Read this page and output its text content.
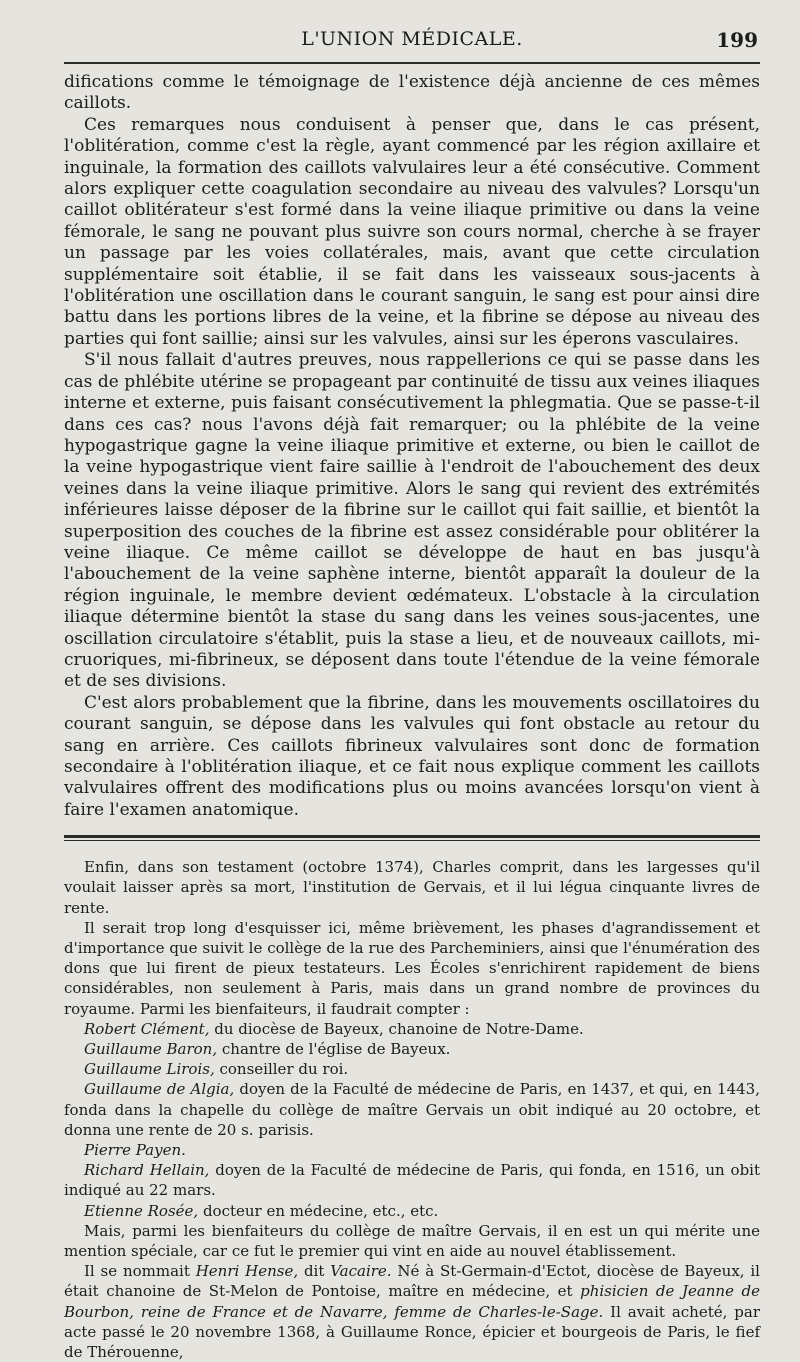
L'UNION MÉDICALE.	199

difications comme le témoignage de l'existence déjà ancienne de ces mêmes caillots.

Ces remarques nous conduisent à penser que, dans le cas présent, l'oblitération, comme c'est la règle, ayant commencé par les région axillaire et inguinale, la formation des caillots valvulaires leur a été consécutive. Comment alors expliquer cette coagulation secondaire au niveau des valvules? Lorsqu'un caillot oblitérateur s'est formé dans la veine iliaque primitive ou dans la veine fémorale, le sang ne pouvant plus suivre son cours normal, cherche à se frayer un passage par les voies collatérales, mais, avant que cette circulation supplémentaire soit établie, il se fait dans les vaisseaux sous-jacents à l'oblitération une oscillation dans le courant sanguin, le sang est pour ainsi dire battu dans les portions libres de la veine, et la fibrine se dépose au niveau des parties qui font saillie; ainsi sur les valvules, ainsi sur les éperons vasculaires.

S'il nous fallait d'autres preuves, nous rappellerions ce qui se passe dans les cas de phlébite utérine se propageant par continuité de tissu aux veines iliaques interne et externe, puis faisant consécutivement la phlegmatia. Que se passe-t-il dans ces cas? nous l'avons déjà fait remarquer; ou la phlébite de la veine hypogastrique gagne la veine iliaque primitive et externe, ou bien le caillot de la veine hypogastrique vient faire saillie à l'endroit de l'abouchement des deux veines dans la veine iliaque primitive. Alors le sang qui revient des extrémités inférieures laisse déposer de la fibrine sur le caillot qui fait saillie, et bientôt la superposition des couches de la fibrine est assez considérable pour oblitérer la veine iliaque. Ce même caillot se développe de haut en bas jusqu'à l'abouchement de la veine saphène interne, bientôt apparaît la douleur de la région inguinale, le membre devient œdémateux. L'obstacle à la circulation iliaque détermine bientôt la stase du sang dans les veines sous-jacentes, une oscillation circulatoire s'établit, puis la stase a lieu, et de nouveaux caillots, mi-cruoriques, mi-fibrineux, se déposent dans toute l'étendue de la veine fémorale et de ses divisions.

C'est alors probablement que la fibrine, dans les mouvements oscillatoires du courant sanguin, se dépose dans les valvules qui font obstacle au retour du sang en arrière. Ces caillots fibrineux valvulaires sont donc de formation secondaire à l'oblitération iliaque, et ce fait nous explique comment les caillots valvulaires offrent des modifications plus ou moins avancées lorsqu'on vient à faire l'examen anatomique.

Enfin, dans son testament (octobre 1374), Charles comprit, dans les largesses qu'il voulait laisser après sa mort, l'institution de Gervais, et il lui légua cinquante livres de rente.

Il serait trop long d'esquisser ici, même brièvement, les phases d'agrandissement et d'importance que suivit le collège de la rue des Parcheminiers, ainsi que l'énumération des dons que lui firent de pieux testateurs. Les Écoles s'enrichirent rapidement de biens considérables, non seulement à Paris, mais dans un grand nombre de provinces du royaume. Parmi les bienfaiteurs, il faudrait compter :

Robert Clément, du diocèse de Bayeux, chanoine de Notre-Dame.

Guillaume Baron, chantre de l'église de Bayeux.

Guillaume Lirois, conseiller du roi.

Guillaume de Algia, doyen de la Faculté de médecine de Paris, en 1437, et qui, en 1443, fonda dans la chapelle du collège de maître Gervais un obit indiqué au 20 octobre, et donna une rente de 20 s. parisis.

Pierre Payen.

Richard Hellain, doyen de la Faculté de médecine de Paris, qui fonda, en 1516, un obit indiqué au 22 mars.

Etienne Rosée, docteur en médecine, etc., etc.

Mais, parmi les bienfaiteurs du collège de maître Gervais, il en est un qui mérite une mention spéciale, car ce fut le premier qui vint en aide au nouvel établissement.

Il se nommait Henri Hense, dit Vacaire. Né à St-Germain-d'Ectot, diocèse de Bayeux, il était chanoine de St-Melon de Pontoise, maître en médecine, et phisicien de Jeanne de Bourbon, reine de France et de Navarre, femme de Charles-le-Sage. Il avait acheté, par acte passé le 20 novembre 1368, à Guillaume Ronce, épicier et bourgeois de Paris, le fief de Thérouenne,
